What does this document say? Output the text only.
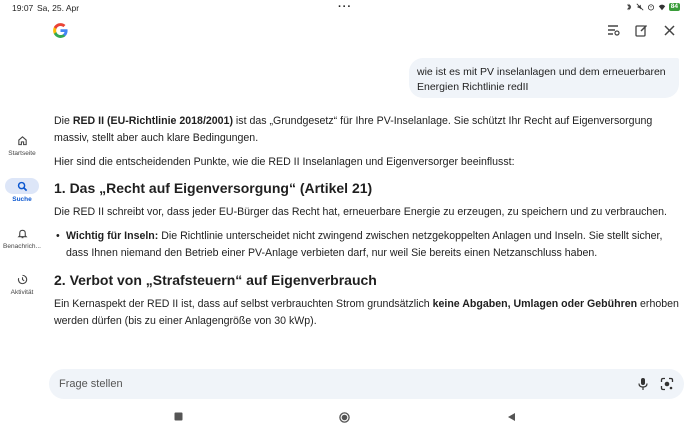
19:07 Sa, 25. Apr	···	84
Startseite
Suche
Benachrich...
Aktivität
wie ist es mit PV inselanlagen und dem erneuerbaren Energien Richtlinie redII

Die RED II (EU-Richtlinie 2018/2001) ist das „Grundgesetz“ für Ihre PV-Inselanlage. Sie schützt Ihr Recht auf Eigenversorgung massiv, stellt aber auch klare Bedingungen.

Hier sind die entscheidenden Punkte, wie die RED II Inselanlagen und Eigenversorger beeinflusst:

1. Das „Recht auf Eigenversorgung“ (Artikel 21)

Die RED II schreibt vor, dass jeder EU-Bürger das Recht hat, erneuerbare Energie zu erzeugen, zu speichern und zu verbrauchen.

• Wichtig für Inseln: Die Richtlinie unterscheidet nicht zwingend zwischen netzgekoppelten Anlagen und Inseln. Sie stellt sicher, dass Ihnen niemand den Betrieb einer PV-Anlage verbieten darf, nur weil Sie bereits einen Netzanschluss haben.
2. Verbot von „Strafsteuern“ auf Eigenverbrauch

Ein Kernaspekt der RED II ist, dass auf selbst verbrauchten Strom grundsätzlich keine Abgaben, Umlagen oder Gebühren erhoben werden dürfen (bis zu einer Anlagengröße von 30 kWp).

Frage stellen
